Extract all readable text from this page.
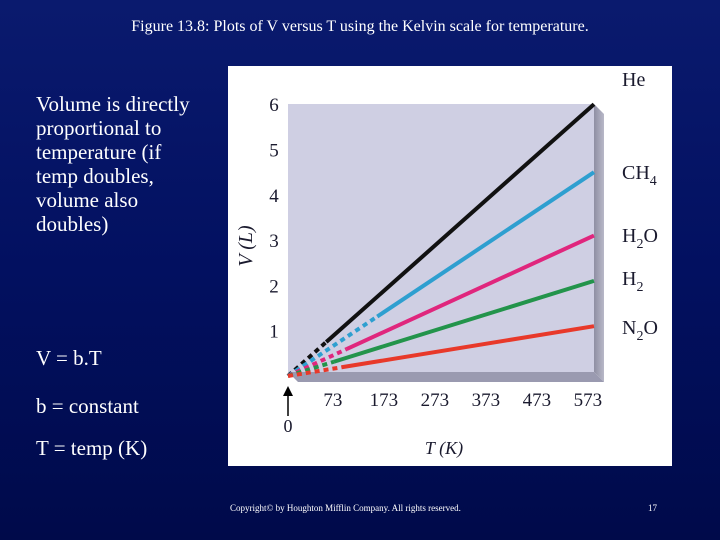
Figure 13.8: Plots of V versus T using the Kelvin scale for temperature.
Volume is directly proportional to temperature (if temp doubles, volume also doubles)
V = b.T
b = constant
T = temp (K)
1
2
3
4
5
6
73 173 273 373 473 573
He
$CH_4$
$H_2O$
$H_2$
$N_2O$
0
T (K)
V (L)
Copyright© by Houghton Mifflin Company. All rights reserved.	17
